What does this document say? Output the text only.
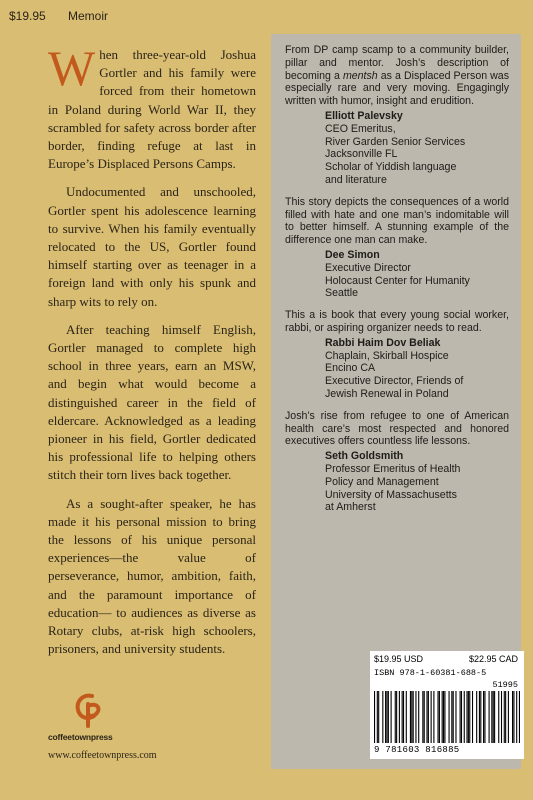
$19.95 Memoir

When three-year-old Joshua Gortler and his family were forced from their hometown in Poland during World War II, they scrambled for safety across border after border, finding refuge at last in Europe’s Displaced Persons Camps.

Undocumented and unschooled, Gortler spent his adolescence learning to survive. When his family eventually relocated to the US, Gortler found himself starting over as teenager in a foreign land with only his spunk and sharp wits to rely on.

After teaching himself English, Gortler managed to complete high school in three years, earn an MSW, and begin what would become a distinguished career in the field of eldercare. Acknowledged as a leading pioneer in his field, Gortler dedicated his professional life to helping others stitch their torn lives back together.

As a sought-after speaker, he has made it his personal mission to bring the lessons of his unique personal experiences—the value of perseverance, humor, ambition, faith, and the paramount importance of education— to audiences as diverse as Rotary clubs, at-risk high schoolers, prisoners, and university students.

coffeetownpress
www.coffeetownpress.com

From DP camp scamp to a community builder, pillar and mentor. Josh’s description of becoming a mentsh as a Displaced Person was especially rare and very moving. Engagingly written with humor, insight and erudition.

Elliott Palevsky
CEO Emeritus,
River Garden Senior Services
Jacksonville FL
Scholar of Yiddish language
and literature

This story depicts the consequences of a world filled with hate and one man’s indomitable will to better himself. A stunning example of the difference one man can make.

Dee Simon
Executive Director
Holocaust Center for Humanity
Seattle

This a is book that every young social worker, rabbi, or aspiring organizer needs to read.

Rabbi Haim Dov Beliak
Chaplain, Skirball Hospice
Encino CA
Executive Director, Friends of
Jewish Renewal in Poland

Josh’s rise from refugee to one of American health care’s most respected and honored executives offers countless life lessons.

Seth Goldsmith
Professor Emeritus of Health
Policy and Management
University of Massachusetts
at Amherst
$19.95 USD	$22.95 CAD
ISBN 978-1-60381-688-5
51995
9 781603 816885
